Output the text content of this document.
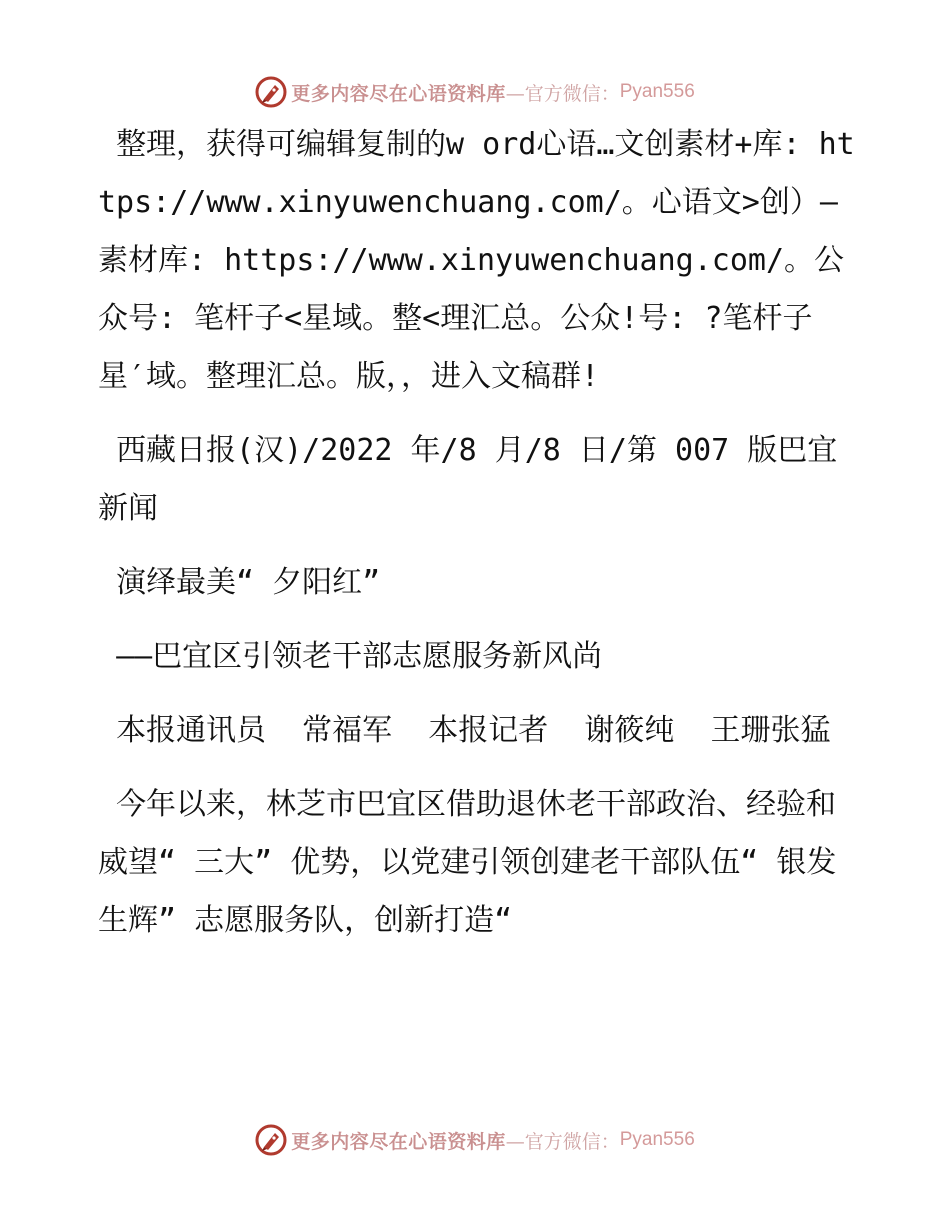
更多内容尽在心语资料库 —官方微信： Pyan556

整理，获得可编辑复制的w ord心语…文创素材+库: https://www.xinyuwenchuang.com/。心语文>创）—素材库: https://www.xinyuwenchuang.com/。公众号: 笔杆子<星域。整<理汇总。公众!号: ?笔杆子星′域。整理汇总。版，，进入文稿群!

西藏日报(汉)/2022 年/8 月/8 日/第 007 版巴宜新闻

演绎最美“ 夕阳红”

——巴宜区引领老干部志愿服务新风尚

本报通讯员  常福军  本报记者  谢筱纯  王珊张猛

今年以来，林芝市巴宜区借助退休老干部政治、经验和威望“ 三大” 优势，以党建引领创建老干部队伍“ 银发生辉” 志愿服务队，创新打造“

更多内容尽在心语资料库 —官方微信： Pyan556
